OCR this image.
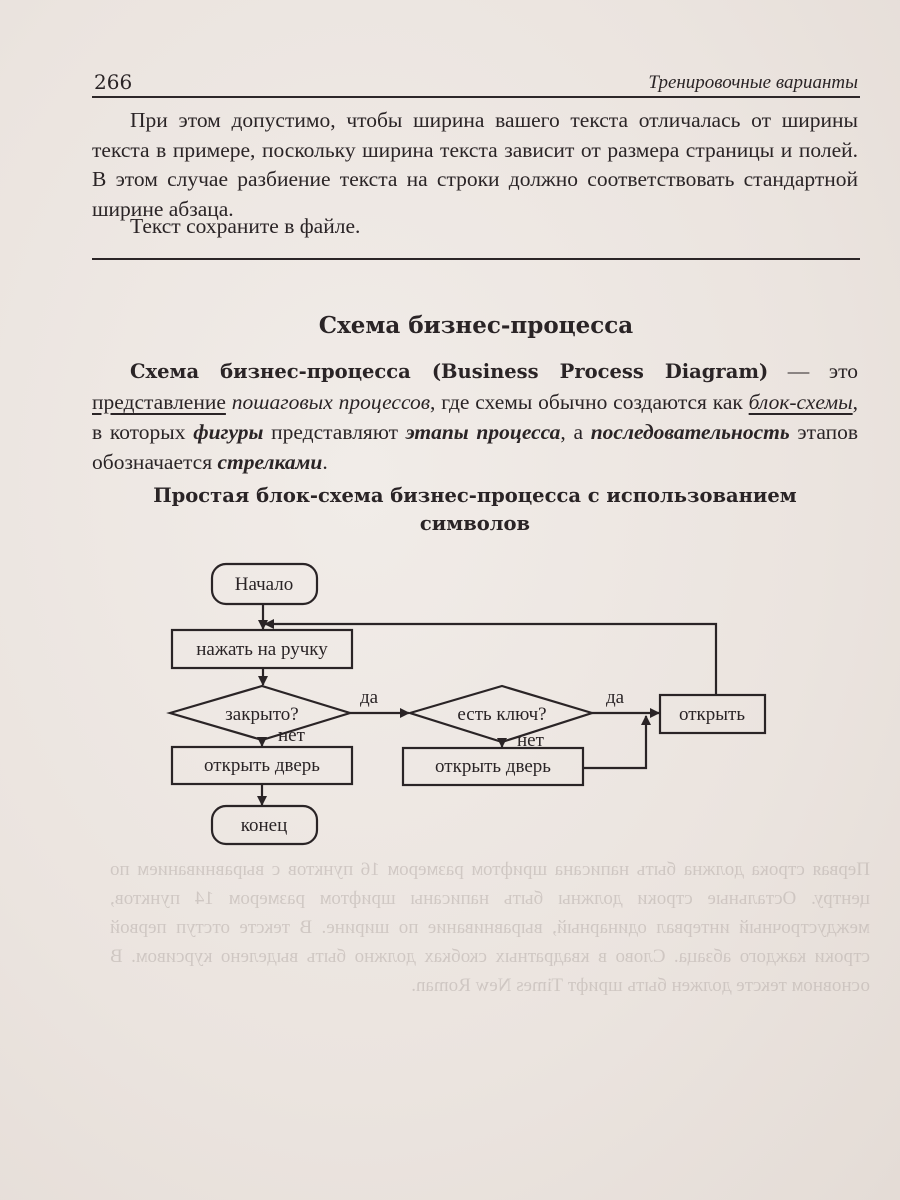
266	Тренировочные варианты
При этом допустимо, чтобы ширина вашего текста отличалась от ширины текста в примере, поскольку ширина текста зависит от размера страницы и полей. В этом случае разбиение текста на строки должно соответствовать стандартной ширине абзаца.
Текст сохраните в файле.
Схема бизнес-процесса
Схема бизнес-процесса (Business Process Diagram) — это представление пошаговых процессов, где схемы обычно создаются как блок-схемы, в которых фигуры представляют этапы процесса, а последовательность этапов обозначается стрелками.
Простая блок-схема бизнес-процесса с использованием символов
Начало
нажать на ручку
закрыто?	есть ключ?	открыть
открыть дверь	открыть дверь
конец
да	да
нет	нет
Первая строка должна быть написана шрифтом размером 16 пунктов с выравниванием по центру. Остальные строки должны быть написаны шрифтом размером 14 пунктов, междустрочный интервал одинарный, выравнивание по ширине. В тексте отступ первой строки каждого абзаца. Слово в квадратных скобках должно быть выделено курсивом. В основном тексте должен быть шрифт Times New Roman.
